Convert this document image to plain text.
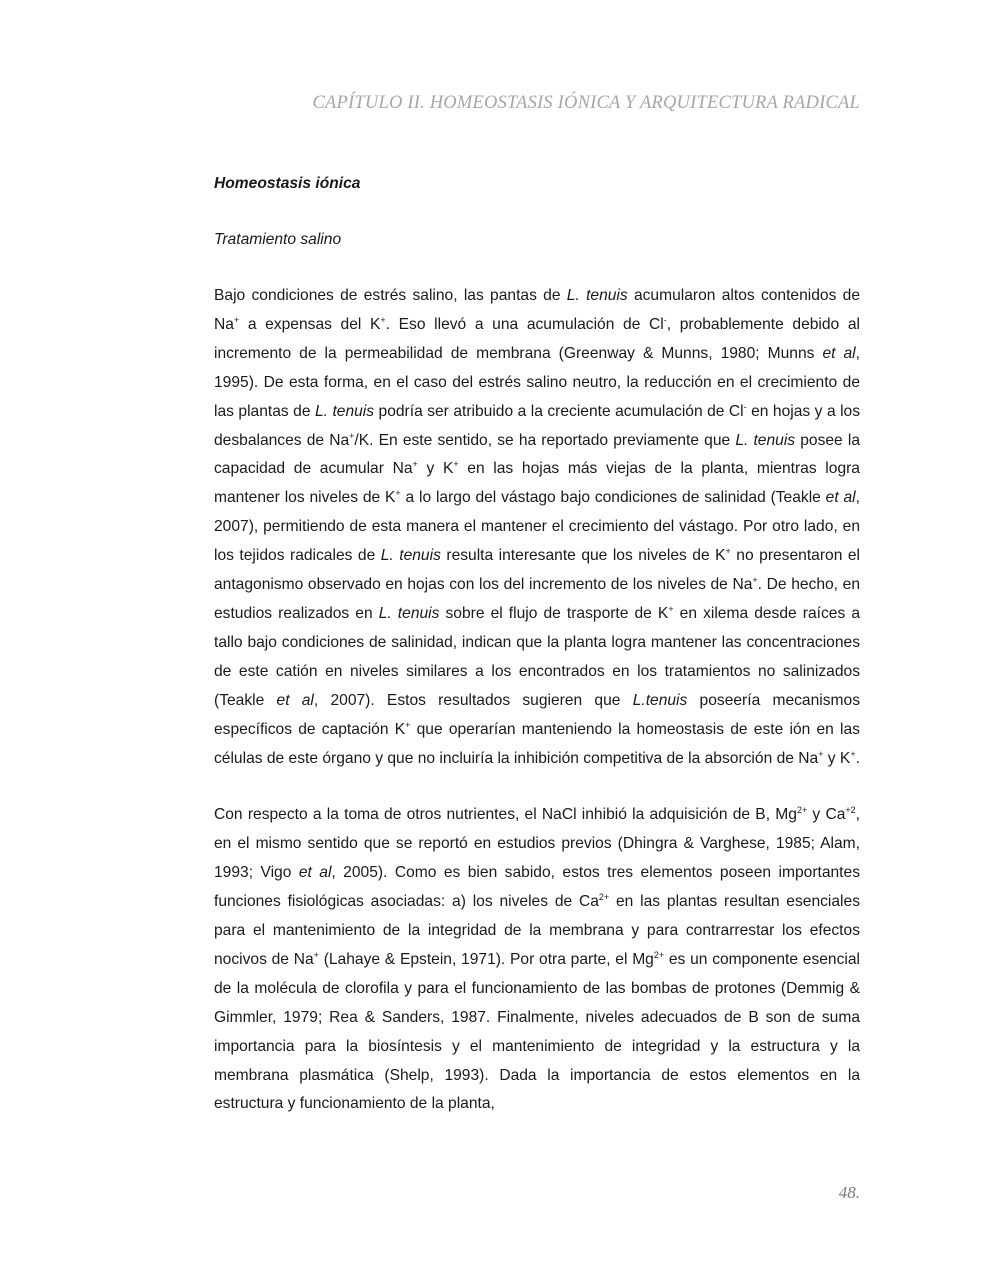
CAPÍTULO II. HOMEOSTASIS IÓNICA Y ARQUITECTURA RADICAL
Homeostasis iónica
Tratamiento salino

Bajo condiciones de estrés salino, las pantas de L. tenuis acumularon altos contenidos de Na+ a expensas del K+. Eso llevó a una acumulación de Cl-, probablemente debido al incremento de la permeabilidad de membrana (Greenway & Munns, 1980; Munns et al, 1995). De esta forma, en el caso del estrés salino neutro, la reducción en el crecimiento de las plantas de L. tenuis podría ser atribuido a la creciente acumulación de Cl- en hojas y a los desbalances de Na+/K. En este sentido, se ha reportado previamente que L. tenuis posee la capacidad de acumular Na+ y K+ en las hojas más viejas de la planta, mientras logra mantener los niveles de K+ a lo largo del vástago bajo condiciones de salinidad (Teakle et al, 2007), permitiendo de esta manera el mantener el crecimiento del vástago. Por otro lado, en los tejidos radicales de L. tenuis resulta interesante que los niveles de K+ no presentaron el antagonismo observado en hojas con los del incremento de los niveles de Na+. De hecho, en estudios realizados en L. tenuis sobre el flujo de trasporte de K+ en xilema desde raíces a tallo bajo condiciones de salinidad, indican que la planta logra mantener las concentraciones de este catión en niveles similares a los encontrados en los tratamientos no salinizados (Teakle et al, 2007). Estos resultados sugieren que L.tenuis poseería mecanismos específicos de captación K+ que operarían manteniendo la homeostasis de este ión en las células de este órgano y que no incluiría la inhibición competitiva de la absorción de Na+ y K+.

Con respecto a la toma de otros nutrientes, el NaCl inhibió la adquisición de B, $Mg^{2+}$ y $Ca^{+2}$, en el mismo sentido que se reportó en estudios previos (Dhingra & Varghese, 1985; Alam, 1993; Vigo et al, 2005). Como es bien sabido, estos tres elementos poseen importantes funciones fisiológicas asociadas: a) los niveles de $Ca^{2+}$ en las plantas resultan esenciales para el mantenimiento de la integridad de la membrana y para contrarrestar los efectos nocivos de Na+ (Lahaye & Epstein, 1971). Por otra parte, el $Mg^{2+}$ es un componente esencial de la molécula de clorofila y para el funcionamiento de las bombas de protones (Demmig & Gimmler, 1979; Rea & Sanders, 1987. Finalmente, niveles adecuados de B son de suma importancia para la biosíntesis y el mantenimiento de integridad y la estructura y la membrana plasmática (Shelp, 1993). Dada la importancia de estos elementos en la estructura y funcionamiento de la planta,

48.
